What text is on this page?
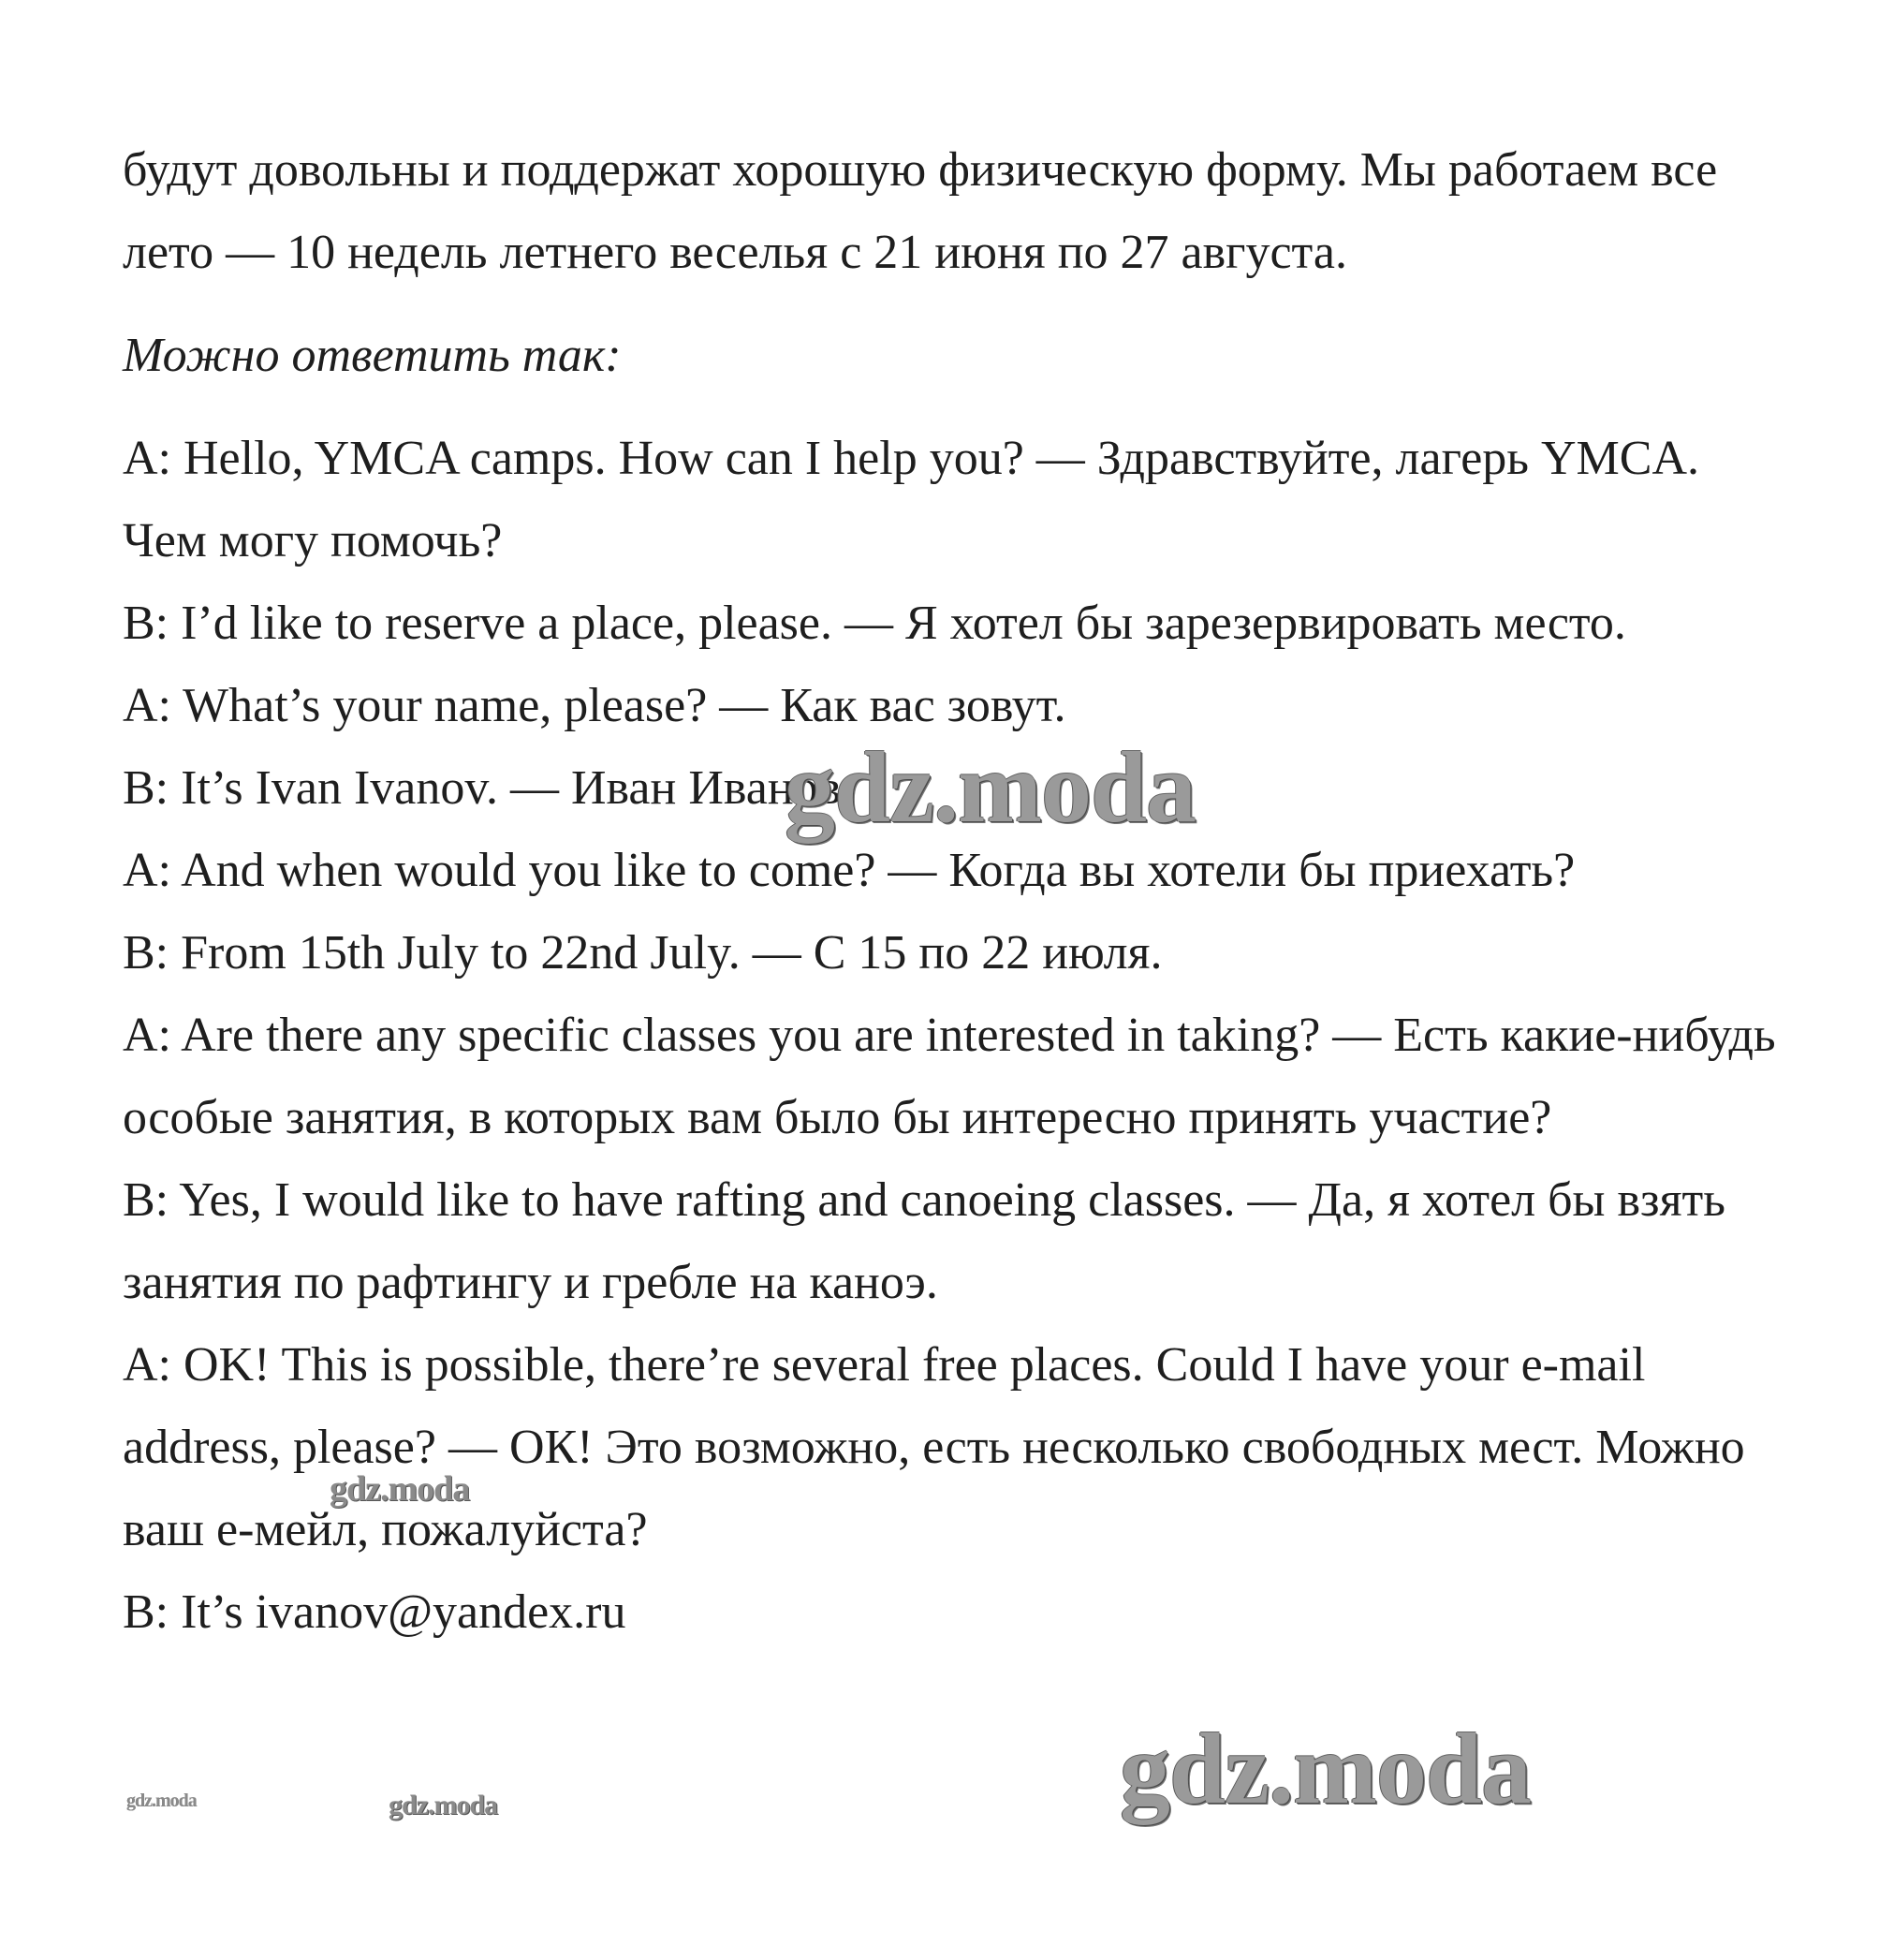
будут довольны и поддержат хорошую физическую форму. Мы работаем все лето — 10 недель летнего веселья с 21 июня по 27 августа.

Можно ответить так:

A: Hello, YMCA camps. How can I help you? — Здравствуйте, лагерь YMCA. Чем могу помочь?

B: I’d like to reserve a place, please. — Я хотел бы зарезервировать место.

A: What’s your name, please? — Как вас зовут.

B: It’s Ivan Ivanov. — Иван Иванов

A: And when would you like to come? — Когда вы хотели бы приехать?

B: From 15th July to 22nd July. — С 15 по 22 июля.

A: Are there any specific classes you are interested in taking? — Есть какие-нибудь особые занятия, в которых вам было бы интересно принять участие?

B: Yes, I would like to have rafting and canoeing classes. — Да, я хотел бы взять занятия по рафтингу и гребле на каноэ.

A: OK! This is possible, there’re several free places. Could I have your e-mail address, please? — ОК! Это возможно, есть несколько свободных мест. Можно ваш е-мейл, пожалуйста?

B: It’s ivanov@yandex.ru

gdz.moda
gdz.moda
gdz.moda
gdz.moda
gdz.moda
